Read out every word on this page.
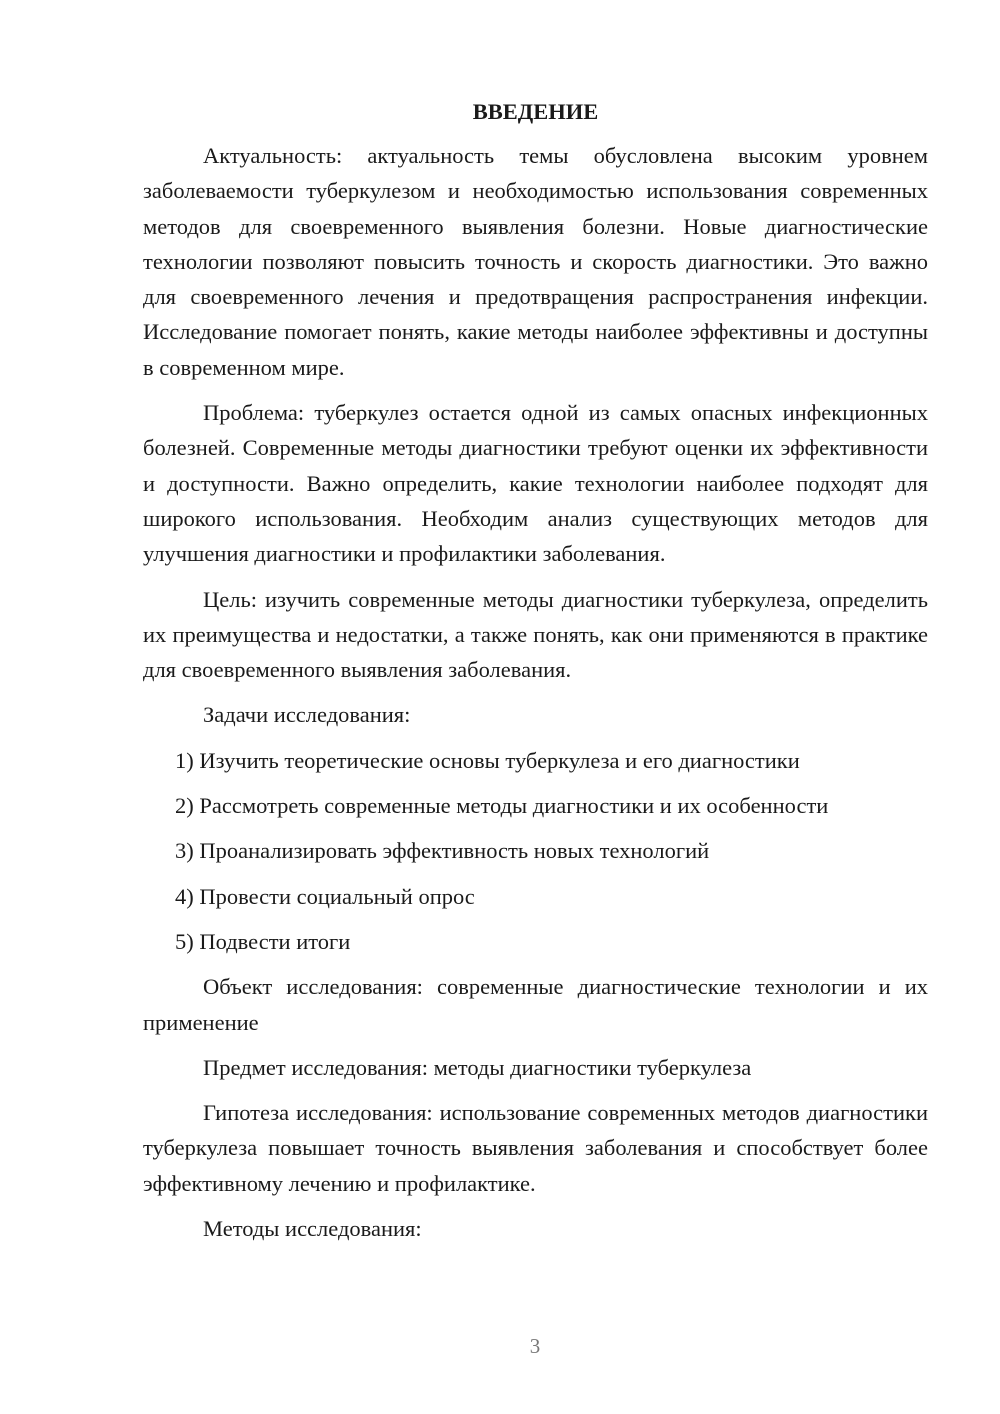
ВВЕДЕНИЕ

Актуальность: актуальность темы обусловлена высоким уровнем заболеваемости туберкулезом и необходимостью использования современных методов для своевременного выявления болезни. Новые диагностические технологии позволяют повысить точность и скорость диагностики. Это важно для своевременного лечения и предотвращения распространения инфекции. Исследование помогает понять, какие методы наиболее эффективны и доступны в современном мире.

Проблема: туберкулез остается одной из самых опасных инфекционных болезней. Современные методы диагностики требуют оценки их эффективности и доступности. Важно определить, какие технологии наиболее подходят для широкого использования. Необходим анализ существующих методов для улучшения диагностики и профилактики заболевания.

Цель: изучить современные методы диагностики туберкулеза, определить их преимущества и недостатки, а также понять, как они применяются в практике для своевременного выявления заболевания.

Задачи исследования:

1) Изучить теоретические основы туберкулеза и его диагностики
2) Рассмотреть современные методы диагностики и их особенности
3) Проанализировать эффективность новых технологий
4) Провести социальный опрос
5) Подвести итоги

Объект исследования: современные диагностические технологии и их применение

Предмет исследования: методы диагностики туберкулеза

Гипотеза исследования: использование современных методов диагностики туберкулеза повышает точность выявления заболевания и способствует более эффективному лечению и профилактике.

Методы исследования:

3
